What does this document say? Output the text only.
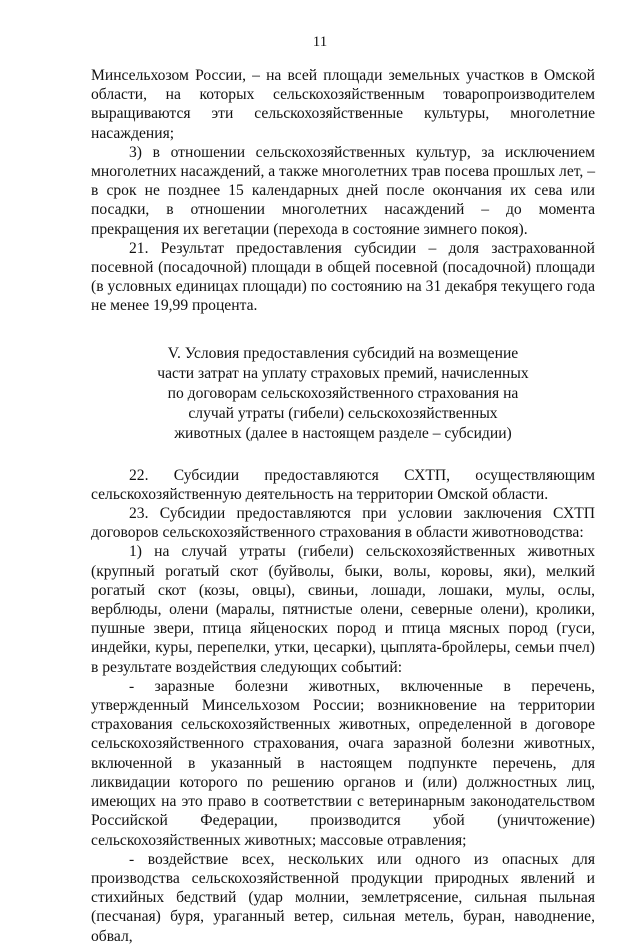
11

Минсельхозом России, – на всей площади земельных участков в Омской области, на которых сельскохозяйственным товаропроизводителем выращиваются эти сельскохозяйственные культуры, многолетние насаждения;

3) в отношении сельскохозяйственных культур, за исключением многолетних насаждений, а также многолетних трав посева прошлых лет, – в срок не позднее 15 календарных дней после окончания их сева или посадки, в отношении многолетних насаждений – до момента прекращения их вегетации (перехода в состояние зимнего покоя).

21. Результат предоставления субсидии – доля застрахованной посевной (посадочной) площади в общей посевной (посадочной) площади (в условных единицах площади) по состоянию на 31 декабря текущего года не менее 19,99 процента.

V. Условия предоставления субсидий на возмещение части затрат на уплату страховых премий, начисленных по договорам сельскохозяйственного страхования на случай утраты (гибели) сельскохозяйственных животных (далее в настоящем разделе – субсидии)

22. Субсидии предоставляются СХТП, осуществляющим сельскохозяйственную деятельность на территории Омской области.

23. Субсидии предоставляются при условии заключения СХТП договоров сельскохозяйственного страхования в области животноводства:

1) на случай утраты (гибели) сельскохозяйственных животных (крупный рогатый скот (буйволы, быки, волы, коровы, яки), мелкий рогатый скот (козы, овцы), свиньи, лошади, лошаки, мулы, ослы, верблюды, олени (маралы, пятнистые олени, северные олени), кролики, пушные звери, птица яйценоских пород и птица мясных пород (гуси, индейки, куры, перепелки, утки, цесарки), цыплята-бройлеры, семьи пчел) в результате воздействия следующих событий:

- заразные болезни животных, включенные в перечень, утвержденный Минсельхозом России; возникновение на территории страхования сельскохозяйственных животных, определенной в договоре сельскохозяйственного страхования, очага заразной болезни животных, включенной в указанный в настоящем подпункте перечень, для ликвидации которого по решению органов и (или) должностных лиц, имеющих на это право в соответствии с ветеринарным законодательством Российской Федерации, производится убой (уничтожение) сельскохозяйственных животных; массовые отравления;

- воздействие всех, нескольких или одного из опасных для производства сельскохозяйственной продукции природных явлений и стихийных бедствий (удар молнии, землетрясение, сильная пыльная (песчаная) буря, ураганный ветер, сильная метель, буран, наводнение, обвал,
